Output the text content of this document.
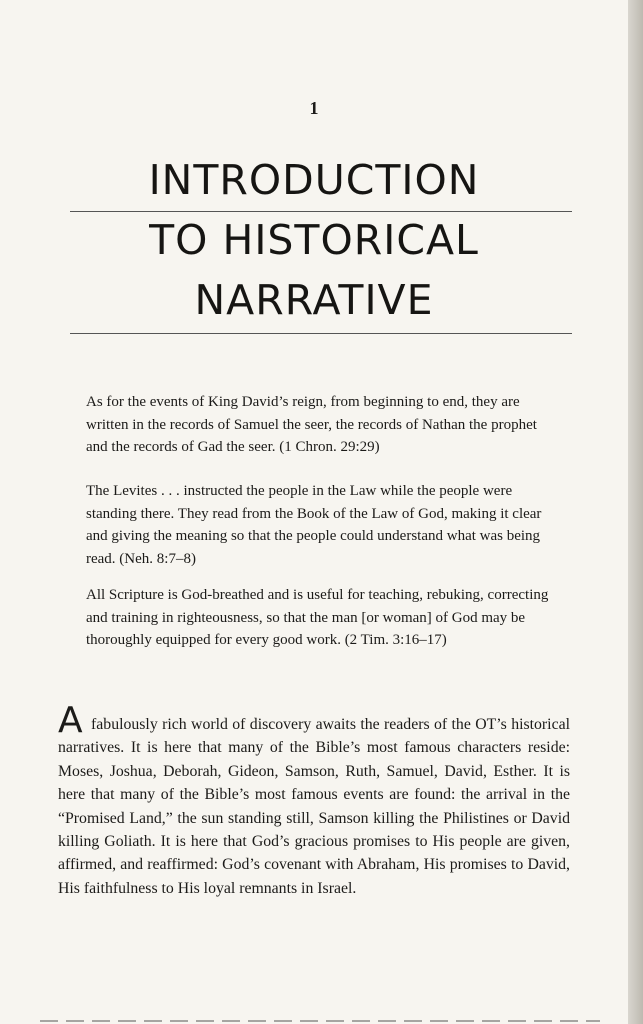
1
INTRODUCTION
TO HISTORICAL
NARRATIVE

As for the events of King David’s reign, from beginning to end, they are written in the records of Samuel the seer, the records of Nathan the prophet and the records of Gad the seer. (1 Chron. 29:29)

The Levites . . . instructed the people in the Law while the people were standing there. They read from the Book of the Law of God, making it clear and giving the meaning so that the people could understand what was being read. (Neh. 8:7–8)

All Scripture is God-breathed and is useful for teaching, rebuking, correcting and training in righteousness, so that the man [or woman] of God may be thoroughly equipped for every good work. (2 Tim. 3:16–17)

A fabulously rich world of discovery awaits the readers of the OT’s historical narratives. It is here that many of the Bible’s most famous characters reside: Moses, Joshua, Deborah, Gideon, Samson, Ruth, Samuel, David, Esther. It is here that many of the Bible’s most famous events are found: the arrival in the “Promised Land,” the sun standing still, Samson killing the Philistines or David killing Goliath. It is here that God’s gracious promises to His people are given, affirmed, and reaffirmed: God’s covenant with Abraham, His promises to David, His faithfulness to His loyal remnants in Israel.
